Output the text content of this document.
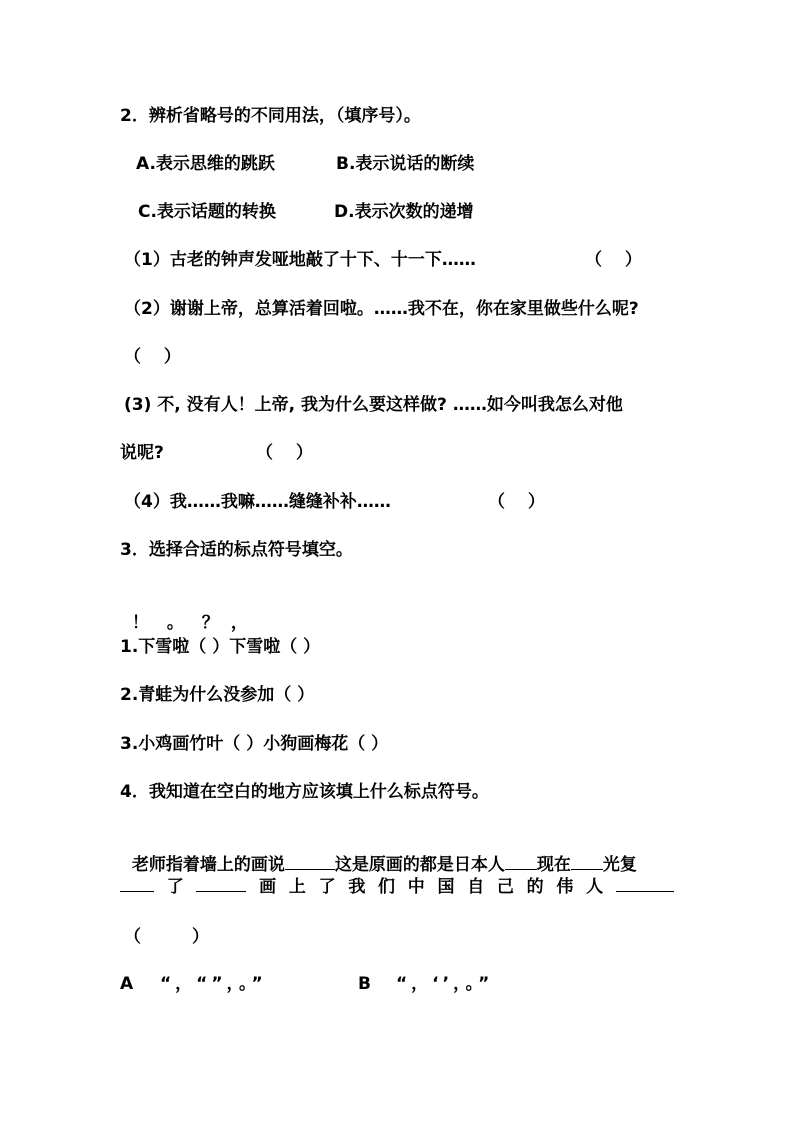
2．辨析省略号的不同用法，（填序号）。
A.表示思维的跳跃	B.表示说话的断续
C.表示话题的转换	D.表示次数的递增
（1）古老的钟声发哑地敲了十下、十一下……	（　 ）
（2）谢谢上帝，总算活着回啦。……我不在，你在家里做些什么呢?
（　 ）
(3) 不, 没有人！上帝, 我为什么要这样做? ……如今叫我怎么对他
说呢?	（　 ）
（4）我……我嘛……缝缝补补……	（　 ）
3．选择合适的标点符号填空。

！ 。 ？ ，

1.下雪啦（ ）下雪啦（ ）
2.青蛙为什么没参加（ ）
3.小鸡画竹叶（ ）小狗画梅花（ ）
4．我知道在空白的地方应该填上什么标点符号。

老师指着墙上的画说	这是原画的都是日本人 现在 光复

了	画 上 了 我 们 中 国 自 己 的 伟 人
（　　　）
A “，“”，。”	B “，‘’，。”
